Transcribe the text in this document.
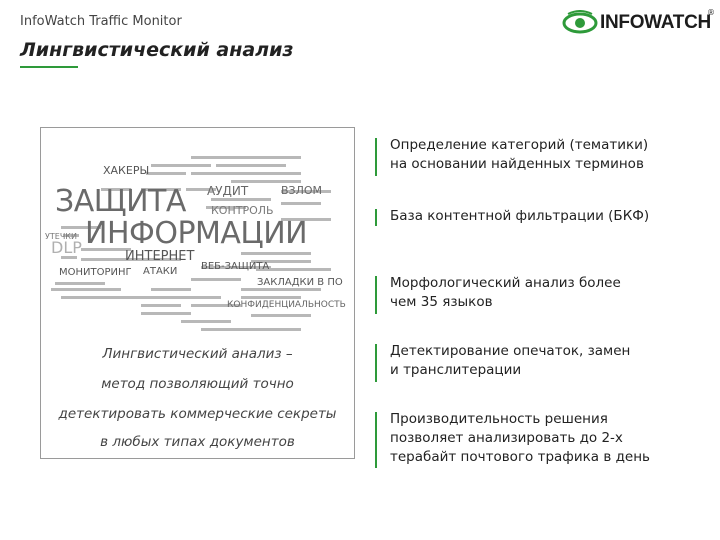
InfoWatch Traffic Monitor
Лингвистический анализ
INFOWATCH
®
ХАКЕРЫ
ЗАЩИТА
ИНФОРМАЦИИ
DLP
АУДИТ	ВЗЛОМ
КОНТРОЛЬ
ИНТЕРНЕТ
УТЕЧКИ
МОНИТОРИНГ АТАКИ ВЕБ-ЗАЩИТА
ЗАКЛАДКИ В ПО
КОНФИДЕНЦИАЛЬНОСТЬ
Лингвистический анализ –
метод позволяющий точно
детектировать коммерческие секреты
в любых типах документов
Определение категорий (тематики)
на основании найденных терминов
База контентной фильтрации (БКФ)
Морфологический анализ более
чем 35 языков
Детектирование опечаток, замен
и транслитерации
Производительность решения
позволяет анализировать до 2-х
терабайт почтового трафика в день
